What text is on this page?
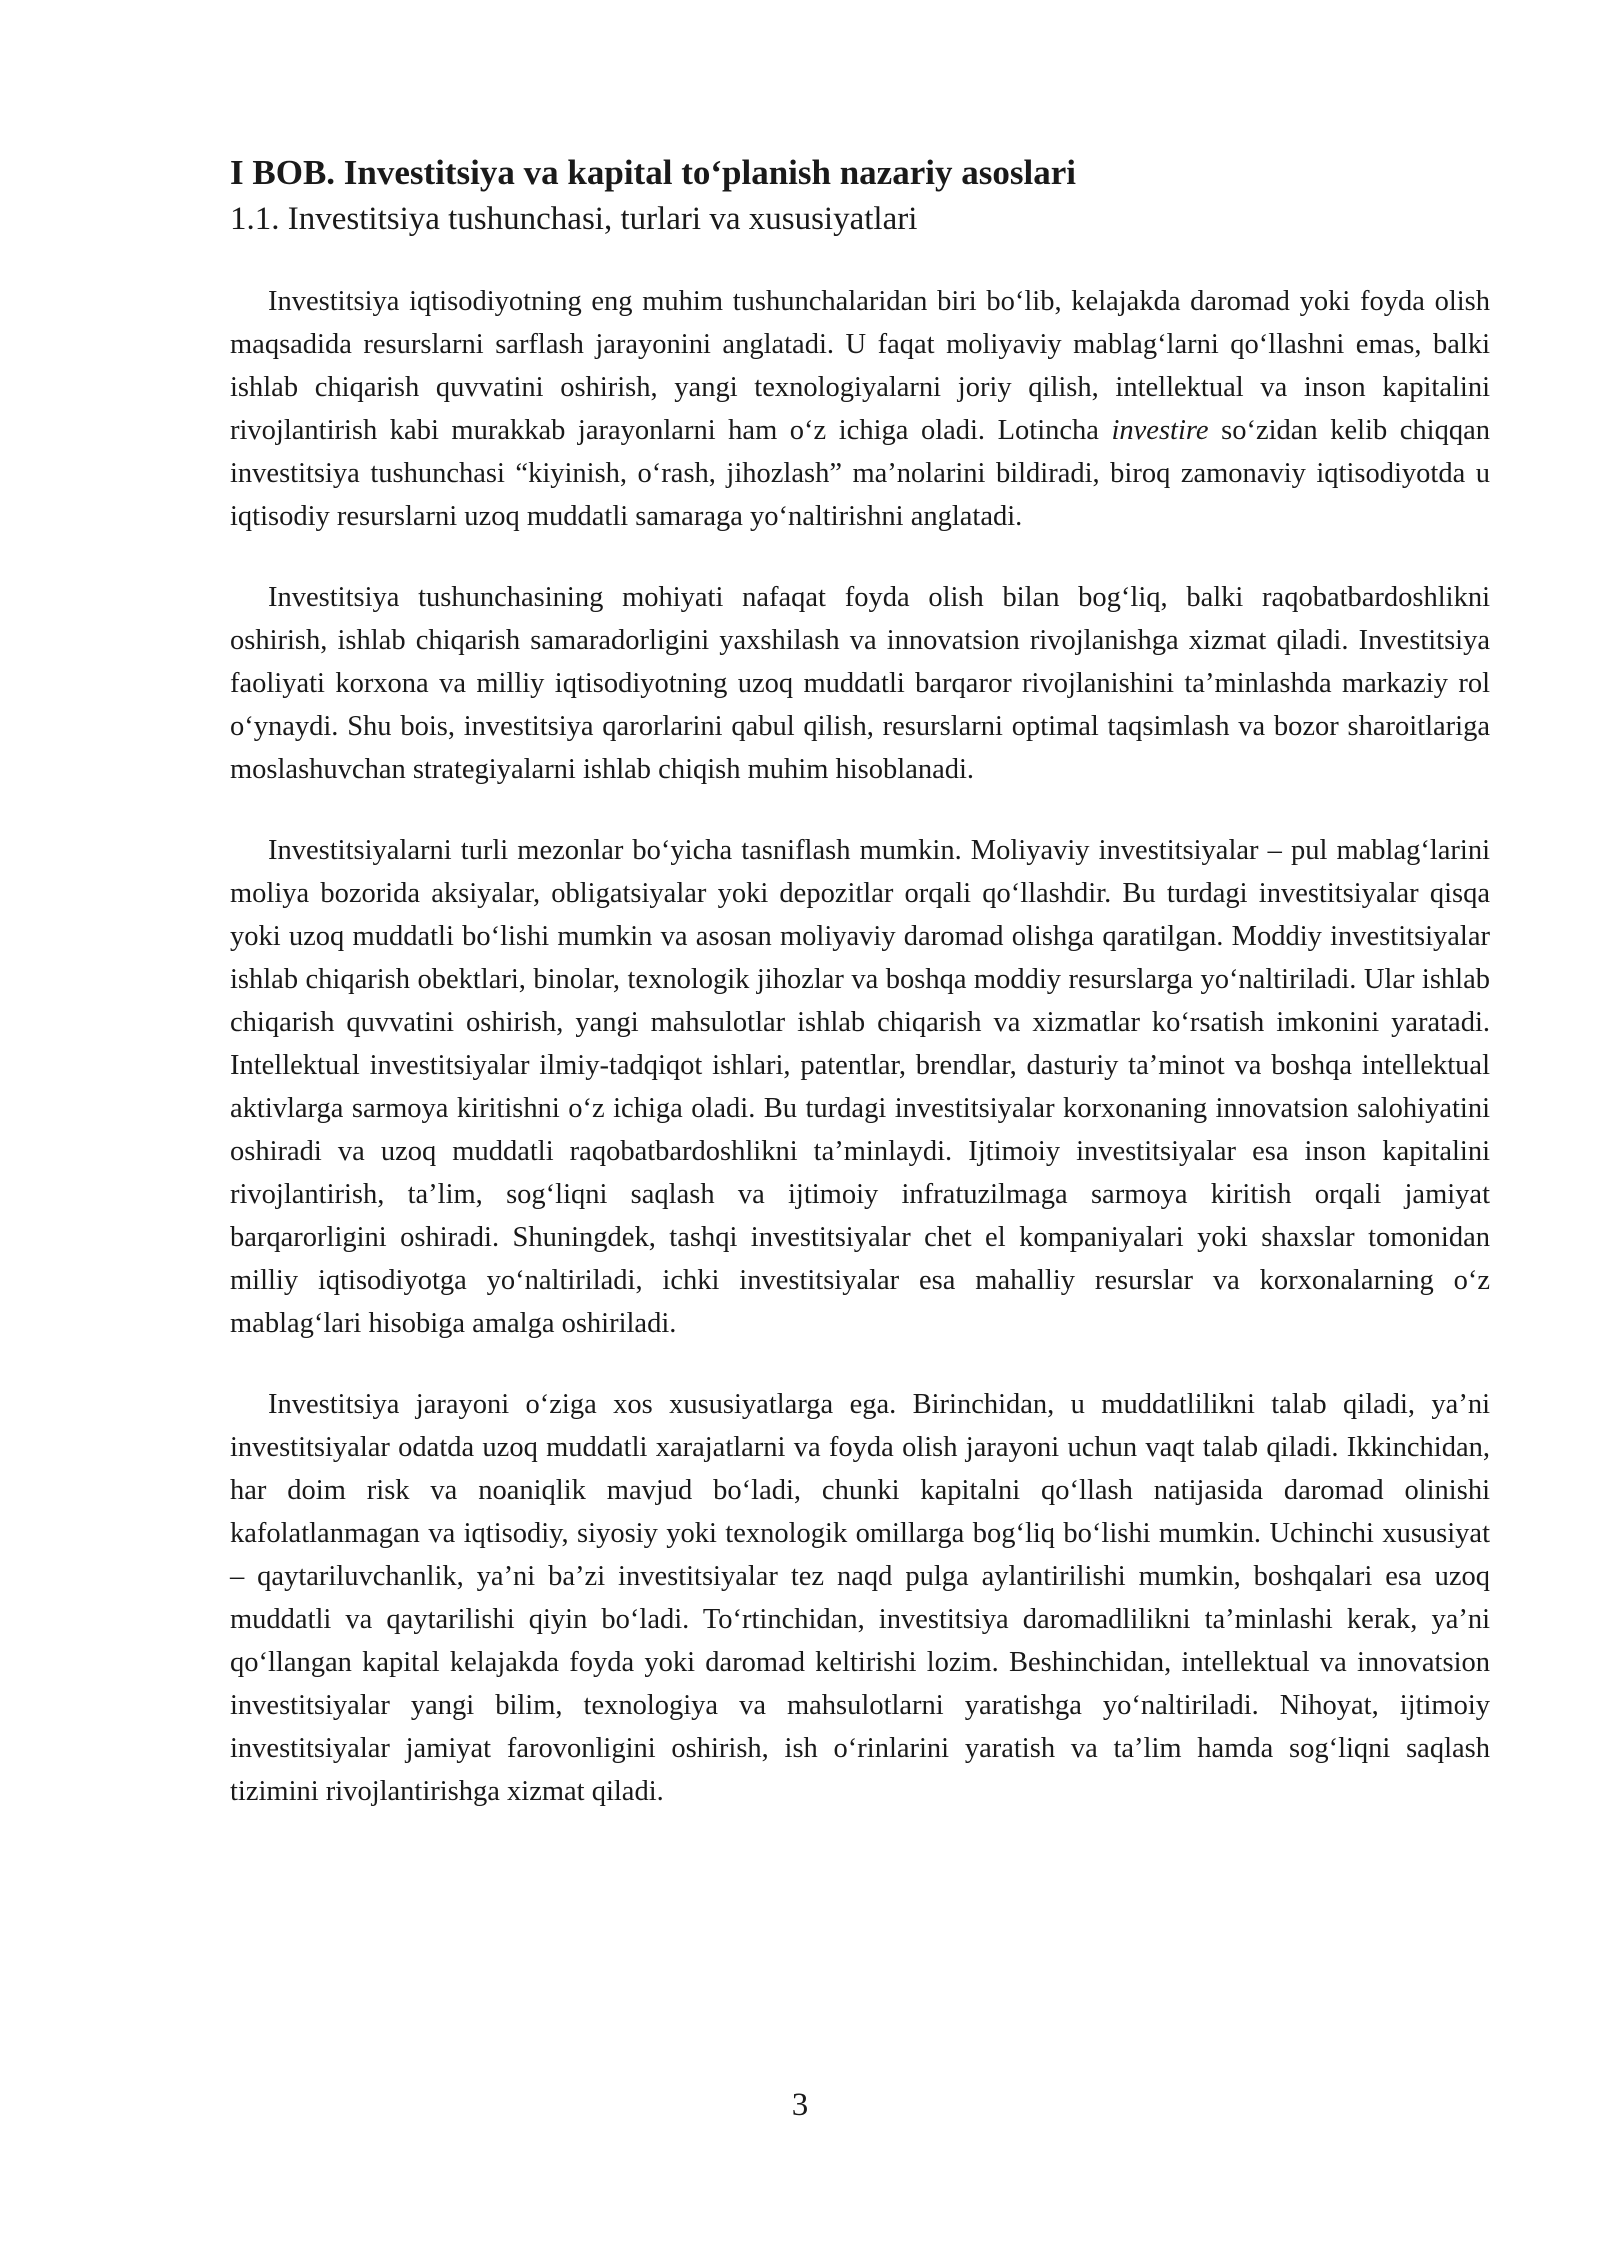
I BOB. Investitsiya va kapital to‘planish nazariy asoslari
1.1. Investitsiya tushunchasi, turlari va xususiyatlari

Investitsiya iqtisodiyotning eng muhim tushunchalaridan biri bo‘lib, kelajakda daromad yoki foyda olish maqsadida resurslarni sarflash jarayonini anglatadi. U faqat moliyaviy mablag‘larni qo‘llashni emas, balki ishlab chiqarish quvvatini oshirish, yangi texnologiyalarni joriy qilish, intellektual va inson kapitalini rivojlantirish kabi murakkab jarayonlarni ham o‘z ichiga oladi. Lotincha investire so‘zidan kelib chiqqan investitsiya tushunchasi “kiyinish, o‘rash, jihozlash” ma’nolarini bildiradi, biroq zamonaviy iqtisodiyotda u iqtisodiy resurslarni uzoq muddatli samaraga yo‘naltirishni anglatadi.

Investitsiya tushunchasining mohiyati nafaqat foyda olish bilan bog‘liq, balki raqobatbardoshlikni oshirish, ishlab chiqarish samaradorligini yaxshilash va innovatsion rivojlanishga xizmat qiladi. Investitsiya faoliyati korxona va milliy iqtisodiyotning uzoq muddatli barqaror rivojlanishini ta’minlashda markaziy rol o‘ynaydi. Shu bois, investitsiya qarorlarini qabul qilish, resurslarni optimal taqsimlash va bozor sharoitlariga moslashuvchan strategiyalarni ishlab chiqish muhim hisoblanadi.

Investitsiyalarni turli mezonlar bo‘yicha tasniflash mumkin. Moliyaviy investitsiyalar – pul mablag‘larini moliya bozorida aksiyalar, obligatsiyalar yoki depozitlar orqali qo‘llashdir. Bu turdagi investitsiyalar qisqa yoki uzoq muddatli bo‘lishi mumkin va asosan moliyaviy daromad olishga qaratilgan. Moddiy investitsiyalar ishlab chiqarish obektlari, binolar, texnologik jihozlar va boshqa moddiy resurslarga yo‘naltiriladi. Ular ishlab chiqarish quvvatini oshirish, yangi mahsulotlar ishlab chiqarish va xizmatlar ko‘rsatish imkonini yaratadi. Intellektual investitsiyalar ilmiy-tadqiqot ishlari, patentlar, brendlar, dasturiy ta’minot va boshqa intellektual aktivlarga sarmoya kiritishni o‘z ichiga oladi. Bu turdagi investitsiyalar korxonaning innovatsion salohiyatini oshiradi va uzoq muddatli raqobatbardoshlikni ta’minlaydi. Ijtimoiy investitsiyalar esa inson kapitalini rivojlantirish, ta’lim, sog‘liqni saqlash va ijtimoiy infratuzilmaga sarmoya kiritish orqali jamiyat barqarorligini oshiradi. Shuningdek, tashqi investitsiyalar chet el kompaniyalari yoki shaxslar tomonidan milliy iqtisodiyotga yo‘naltiriladi, ichki investitsiyalar esa mahalliy resurslar va korxonalarning o‘z mablag‘lari hisobiga amalga oshiriladi.

Investitsiya jarayoni o‘ziga xos xususiyatlarga ega. Birinchidan, u muddatlilikni talab qiladi, ya’ni investitsiyalar odatda uzoq muddatli xarajatlarni va foyda olish jarayoni uchun vaqt talab qiladi. Ikkinchidan, har doim risk va noaniqlik mavjud bo‘ladi, chunki kapitalni qo‘llash natijasida daromad olinishi kafolatlanmagan va iqtisodiy, siyosiy yoki texnologik omillarga bog‘liq bo‘lishi mumkin. Uchinchi xususiyat – qaytariluvchanlik, ya’ni ba’zi investitsiyalar tez naqd pulga aylantirilishi mumkin, boshqalari esa uzoq muddatli va qaytarilishi qiyin bo‘ladi. To‘rtinchidan, investitsiya daromadlilikni ta’minlashi kerak, ya’ni qo‘llangan kapital kelajakda foyda yoki daromad keltirishi lozim. Beshinchidan, intellektual va innovatsion investitsiyalar yangi bilim, texnologiya va mahsulotlarni yaratishga yo‘naltiriladi. Nihoyat, ijtimoiy investitsiyalar jamiyat farovonligini oshirish, ish o‘rinlarini yaratish va ta’lim hamda sog‘liqni saqlash tizimini rivojlantirishga xizmat qiladi.

3
